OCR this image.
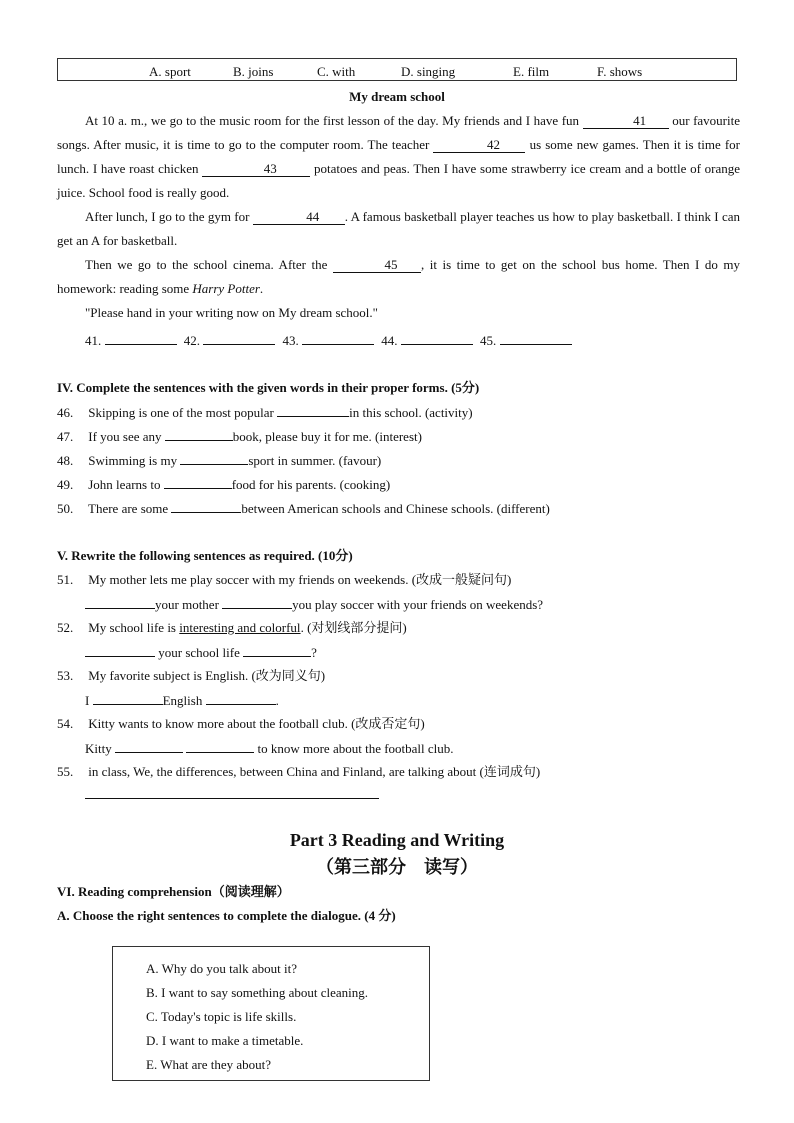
A. sport	B. joins	C. with	D. singing	E. film	F. shows
My dream school
At 10 a. m., we go to the music room for the first lesson of the day. My friends and I have fun	41 our favourite songs. After music, it is time to go to the computer room. The teacher	42 us some new games. Then it is time for lunch. I have roast chicken	43	potatoes and peas. Then I have some strawberry ice cream and a bottle of orange juice. School food is really good.
After lunch, I go to the gym for	44 . A famous basketball player teaches us how to play basketball. I think I can get an A for basketball.
Then we go to the school cinema. After the	45 , it is time to get on the school bus home. Then I do my homework: reading some Harry Potter.
"Please hand in your writing now on My dream school."
41.	42.	43.	44.	45.
IV. Complete the sentences with the given words in their proper forms. (5分)
46. Skipping is one of the most popular	in this school. (activity)
47. If you see any	book, please buy it for me. (interest)
48. Swimming is my	sport in summer. (favour)
49. John learns to	food for his parents. (cooking)
50. There are some	between American schools and Chinese schools. (different)
V. Rewrite the following sentences as required. (10分)
51. My mother lets me play soccer with my friends on weekends. (改成一般疑问句)
your mother	you play soccer with your friends on weekends?
52. My school life is interesting and colorful. (对划线部分提问)
your school life	?
53. My favorite subject is English. (改为同义句)
I	English	.
54. Kitty wants to know more about the football club. (改成否定句)
Kitty	to know more about the football club.
55. in class, We, the differences, between China and Finland, are talking about (连词成句)
Part 3 Reading and Writing
（第三部分　读写）
VI. Reading comprehension（阅读理解）
A. Choose the right sentences to complete the dialogue. (4 分)
A. Why do you talk about it?
B. I want to say something about cleaning.
C. Today's topic is life skills.
D. I want to make a timetable.
E. What are they about?
